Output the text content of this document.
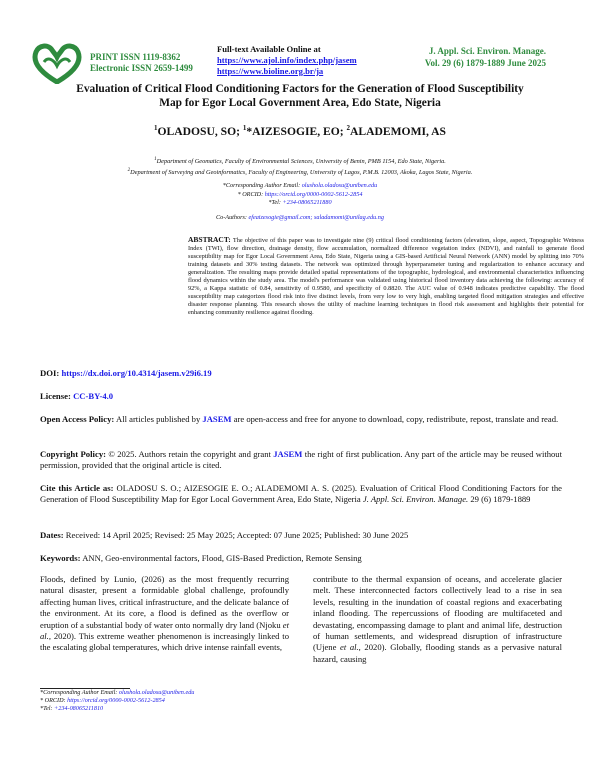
PRINT ISSN 1119-8362
Electronic ISSN 2659-1499
Full-text Available Online at
https://www.ajol.info/index.php/jasem
https://www.bioline.org.br/ja
J. Appl. Sci. Environ. Manage.
Vol. 29 (6) 1879-1889 June 2025
Evaluation of Critical Flood Conditioning Factors for the Generation of Flood Susceptibility Map for Egor Local Government Area, Edo State, Nigeria
$^1$OLADOSU, SO; $^1$*AIZESOGIE, EO; $^2$ALADEMOMI, AS
$^1$Department of Geomatics, Faculty of Environmental Sciences, University of Benin, PMB 1154, Edo State, Nigeria.
$^2$Department of Surveying and Geoinformatics, Faculty of Engineering, University of Lagos, P.M.B. 12003, Akoka, Lagos State, Nigeria.
*Corresponding Author Email: olushola.oladosu@uniben.edu
* ORCID: https://orcid.org/0000-0002-5612-2854
*Tel: +234-08065211880
Co-Authors: efeaizesogie@gmail.com; saladamomi@unilag.edu.ng
ABSTRACT: The objective of this paper was to investigate nine (9) critical flood conditioning factors (elevation, slope, aspect, Topographic Wetness Index (TWI), flow direction, drainage density, flow accumulation, normalized difference vegetation index (NDVI), and rainfall to generate flood susceptibility map for Egor Local Government Area, Edo State, Nigeria using a GIS-based Artificial Neural Network (ANN) model by splitting into 70% training datasets and 30% testing datasets. The network was optimized through hyperparameter tuning and regularization to enhance accuracy and generalization. The resulting maps provide detailed spatial representations of the topographic, hydrological, and environmental characteristics influencing flood dynamics within the study area. The model's performance was validated using historical flood inventory data achieving the following: accuracy of 92%, a Kappa statistic of 0.84, sensitivity of 0.9580, and specificity of 0.8820. The AUC value of 0.948 indicates predictive capability. The flood susceptibility map categorizes flood risk into five distinct levels, from very low to very high, enabling targeted flood mitigation strategies and effective disaster response planning. This research shows the utility of machine learning techniques in flood risk assessment and highlights their potential for enhancing community resilience against flooding.
DOI: https://dx.doi.org/10.4314/jasem.v29i6.19
License: CC-BY-4.0
Open Access Policy: All articles published by JASEM are open-access and free for anyone to download, copy, redistribute, repost, translate and read.
Copyright Policy: © 2025. Authors retain the copyright and grant JASEM the right of first publication. Any part of the article may be reused without permission, provided that the original article is cited.
Cite this Article as: OLADOSU S. O.; AIZESOGIE E. O.; ALADEMOMI A. S. (2025). Evaluation of Critical Flood Conditioning Factors for the Generation of Flood Susceptibility Map for Egor Local Government Area, Edo State, Nigeria J. Appl. Sci. Environ. Manage. 29 (6) 1879-1889
Dates: Received: 14 April 2025; Revised: 25 May 2025; Accepted: 07 June 2025; Published: 30 June 2025
Keywords: ANN, Geo-environmental factors, Flood, GIS-Based Prediction, Remote Sensing
Floods, defined by Lunio, (2026) as the most frequently recurring natural disaster, present a formidable global challenge, profoundly affecting human lives, critical infrastructure, and the delicate balance of the environment. At its core, a flood is defined as the overflow or eruption of a substantial body of water onto normally dry land (Njoku et al., 2020). This extreme weather phenomenon is increasingly linked to the escalating global temperatures, which drive intense rainfall events,
contribute to the thermal expansion of oceans, and accelerate glacier melt. These interconnected factors collectively lead to a rise in sea levels, resulting in the inundation of coastal regions and exacerbating inland flooding. The repercussions of flooding are multifaceted and devastating, encompassing damage to plant and animal life, destruction of human settlements, and widespread disruption of infrastructure (Ujene et al., 2020). Globally, flooding stands as a pervasive natural hazard, causing
*Corresponding Author Email: olushola.oladosu@uniben.edu
* ORCID: https://orcid.org/0000-0002-5612-2854
*Tel: +234-08065211810
